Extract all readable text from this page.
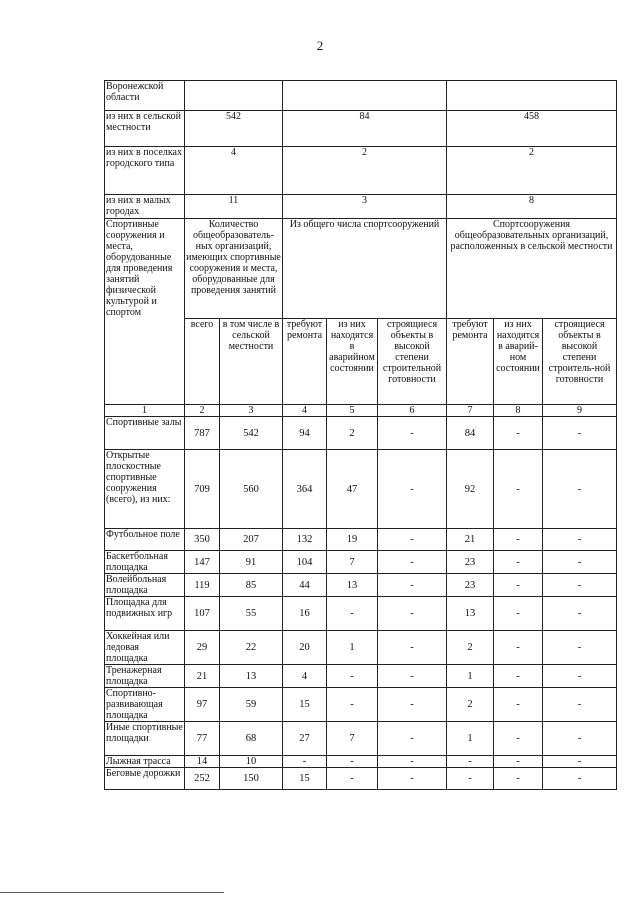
2
Воронежской области								
из них в сельской местности	542		84			458		
из них в поселках городского типа	4		2			2		
из них в малых городах	11		3			8		
Спортивные сооружения и места, оборудованные для проведения занятий физической культурой и спортом	Количество общеобразователь-ных организаций, имеющих спортивные сооружения и места, оборудованные для проведения занятий		Из общего числа спортсооружений			Спортсооружения общеобразовательных организаций, расположенных в сельской местности		
	всего	в том числе в сельской местности	требуют ремонта	из них находятся в аварийном состоянии	строящиеся объекты в высокой степени строительной готовности	требуют ремонта	из них находятся в аварий-ном состоянии	строящиеся объекты в высокой степени строитель-ной готовности
1	2	3	4	5	6	7	8	9
Спортивные залы	787	542	94	2	-	84	-	-
Открытые плоскостные спортивные сооружения (всего), из них:	709	560	364	47	-	92	-	-
Футбольное поле	350	207	132	19	-	21	-	-
Баскетбольная площадка	147	91	104	7	-	23	-	-
Волейбольная площадка	119	85	44	13	-	23	-	-
Площадка для подвижных игр	107	55	16	-	-	13	-	-
Хоккейная или ледовая площадка	29	22	20	1	-	2	-	-
Тренажерная площадка	21	13	4	-	-	1	-	-
Спортивно-развивающая площадка	97	59	15	-	-	2	-	-
Иные спортивные площадки	77	68	27	7	-	1	-	-
Лыжная трасса	14	10	-	-	-	-	-	-
Беговые дорожки	252	150	15	-	-	-	-	-
